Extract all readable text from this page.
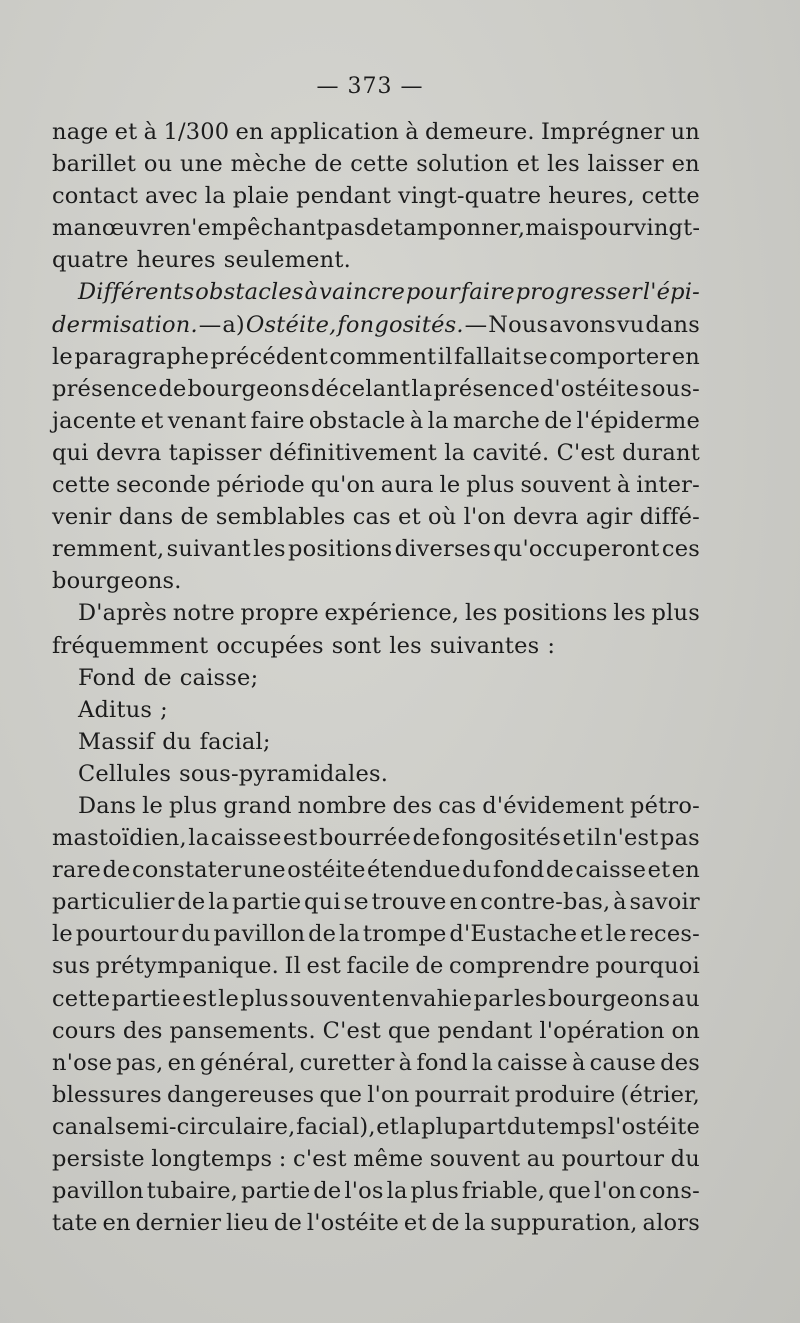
— 373 —
nage et à 1/300 en application à demeure. Imprégner un
barillet ou une mèche de cette solution et les laisser en
contact avec la plaie pendant vingt-quatre heures, cette
manœuvre n'empêchant pas de tamponner, mais pour vingt-
quatre heures seulement.
Différents obstacles à vaincre pour faire progresser l'épi-
dermisation. — a) Ostéite, fongosités. — Nous avons vu dans
le paragraphe précédent comment il fallait se comporter en
présence de bourgeons décelant la présence d'ostéite sous-
jacente et venant faire obstacle à la marche de l'épiderme
qui devra tapisser définitivement la cavité. C'est durant
cette seconde période qu'on aura le plus souvent à inter-
venir dans de semblables cas et où l'on devra agir diffé-
remment, suivant les positions diverses qu'occuperont ces
bourgeons.
D'après notre propre expérience, les positions les plus
fréquemment occupées sont les suivantes :
Fond de caisse;
Aditus ;
Massif du facial;
Cellules sous-pyramidales.
Dans le plus grand nombre des cas d'évidement pétro-
mastoïdien, la caisse est bourrée de fongosités et il n'est pas
rare de constater une ostéite étendue du fond de caisse et en
particulier de la partie qui se trouve en contre-bas, à savoir
le pourtour du pavillon de la trompe d'Eustache et le reces-
sus prétympanique. Il est facile de comprendre pourquoi
cette partie est le plus souvent envahie par les bourgeons au
cours des pansements. C'est que pendant l'opération on
n'ose pas, en général, curetter à fond la caisse à cause des
blessures dangereuses que l'on pourrait produire (étrier,
canal semi-circulaire, facial), et la plupart du temps l'ostéite
persiste longtemps : c'est même souvent au pourtour du
pavillon tubaire, partie de l'os la plus friable, que l'on cons-
tate en dernier lieu de l'ostéite et de la suppuration, alors
